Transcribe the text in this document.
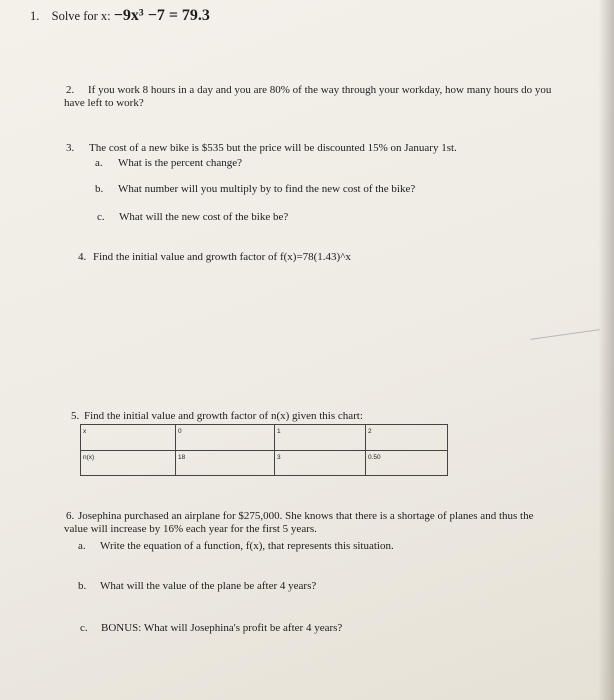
1. Solve for x: −9x³ −7 = 79.3
2.	If you work 8 hours in a day and you are 80% of the way through your workday, how many hours do you have left to work?
3. The cost of a new bike is $535 but the price will be discounted 15% on January 1st.
a. What is the percent change?
b. What number will you multiply by to find the new cost of the bike?
c. What will the new cost of the bike be?
4. Find the initial value and growth factor of f(x)=78(1.43)^x
5. Find the initial value and growth factor of n(x) given this chart:
x	0	1	2
n(x)	18	3	0.50
6. Josephina purchased an airplane for $275,000. She knows that there is a shortage of planes and thus the value will increase by 16% each year for the first 5 years.
a. Write the equation of a function, f(x), that represents this situation.
b. What will the value of the plane be after 4 years?
c. BONUS: What will Josephina's profit be after 4 years?
